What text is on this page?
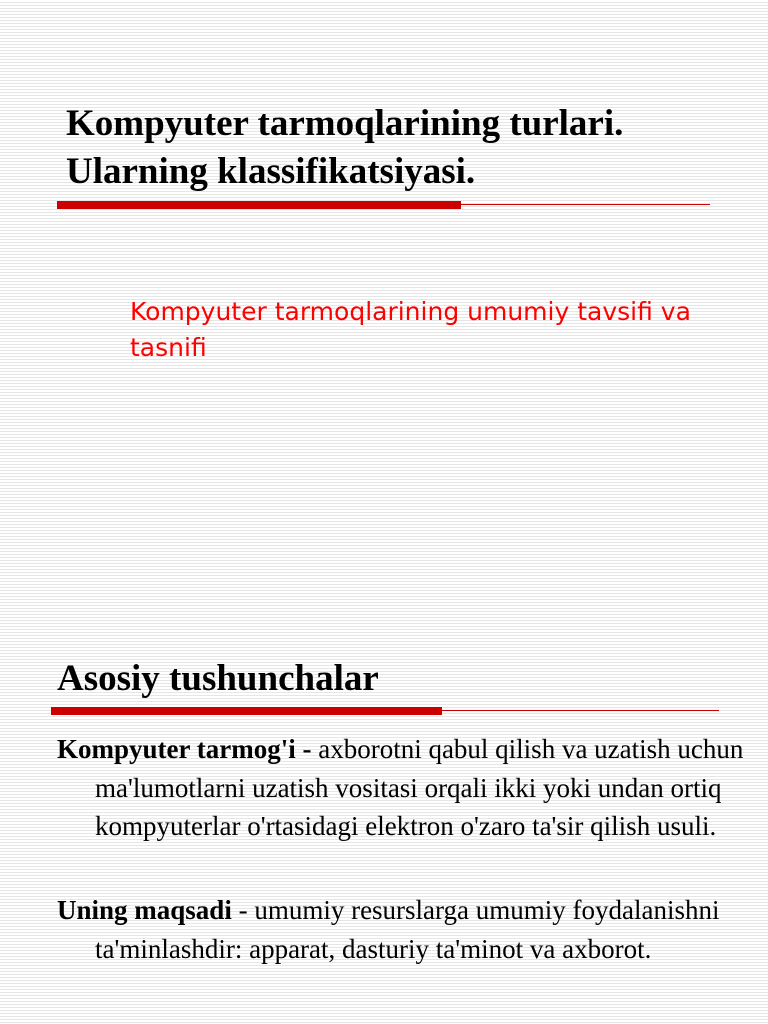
Kompyuter tarmoqlarining turlari. Ularning klassifikatsiyasi.

Kompyuter tarmoqlarining umumiy tavsifi va tasnifi

Asosiy tushunchalar

Kompyuter tarmog'i - axborotni qabul qilish va uzatish uchun ma'lumotlarni uzatish vositasi orqali ikki yoki undan ortiq kompyuterlar o'rtasidagi elektron o'zaro ta'sir qilish usuli.

Uning maqsadi - umumiy resurslarga umumiy foydalanishni ta'minlashdir: apparat, dasturiy ta'minot va axborot.
